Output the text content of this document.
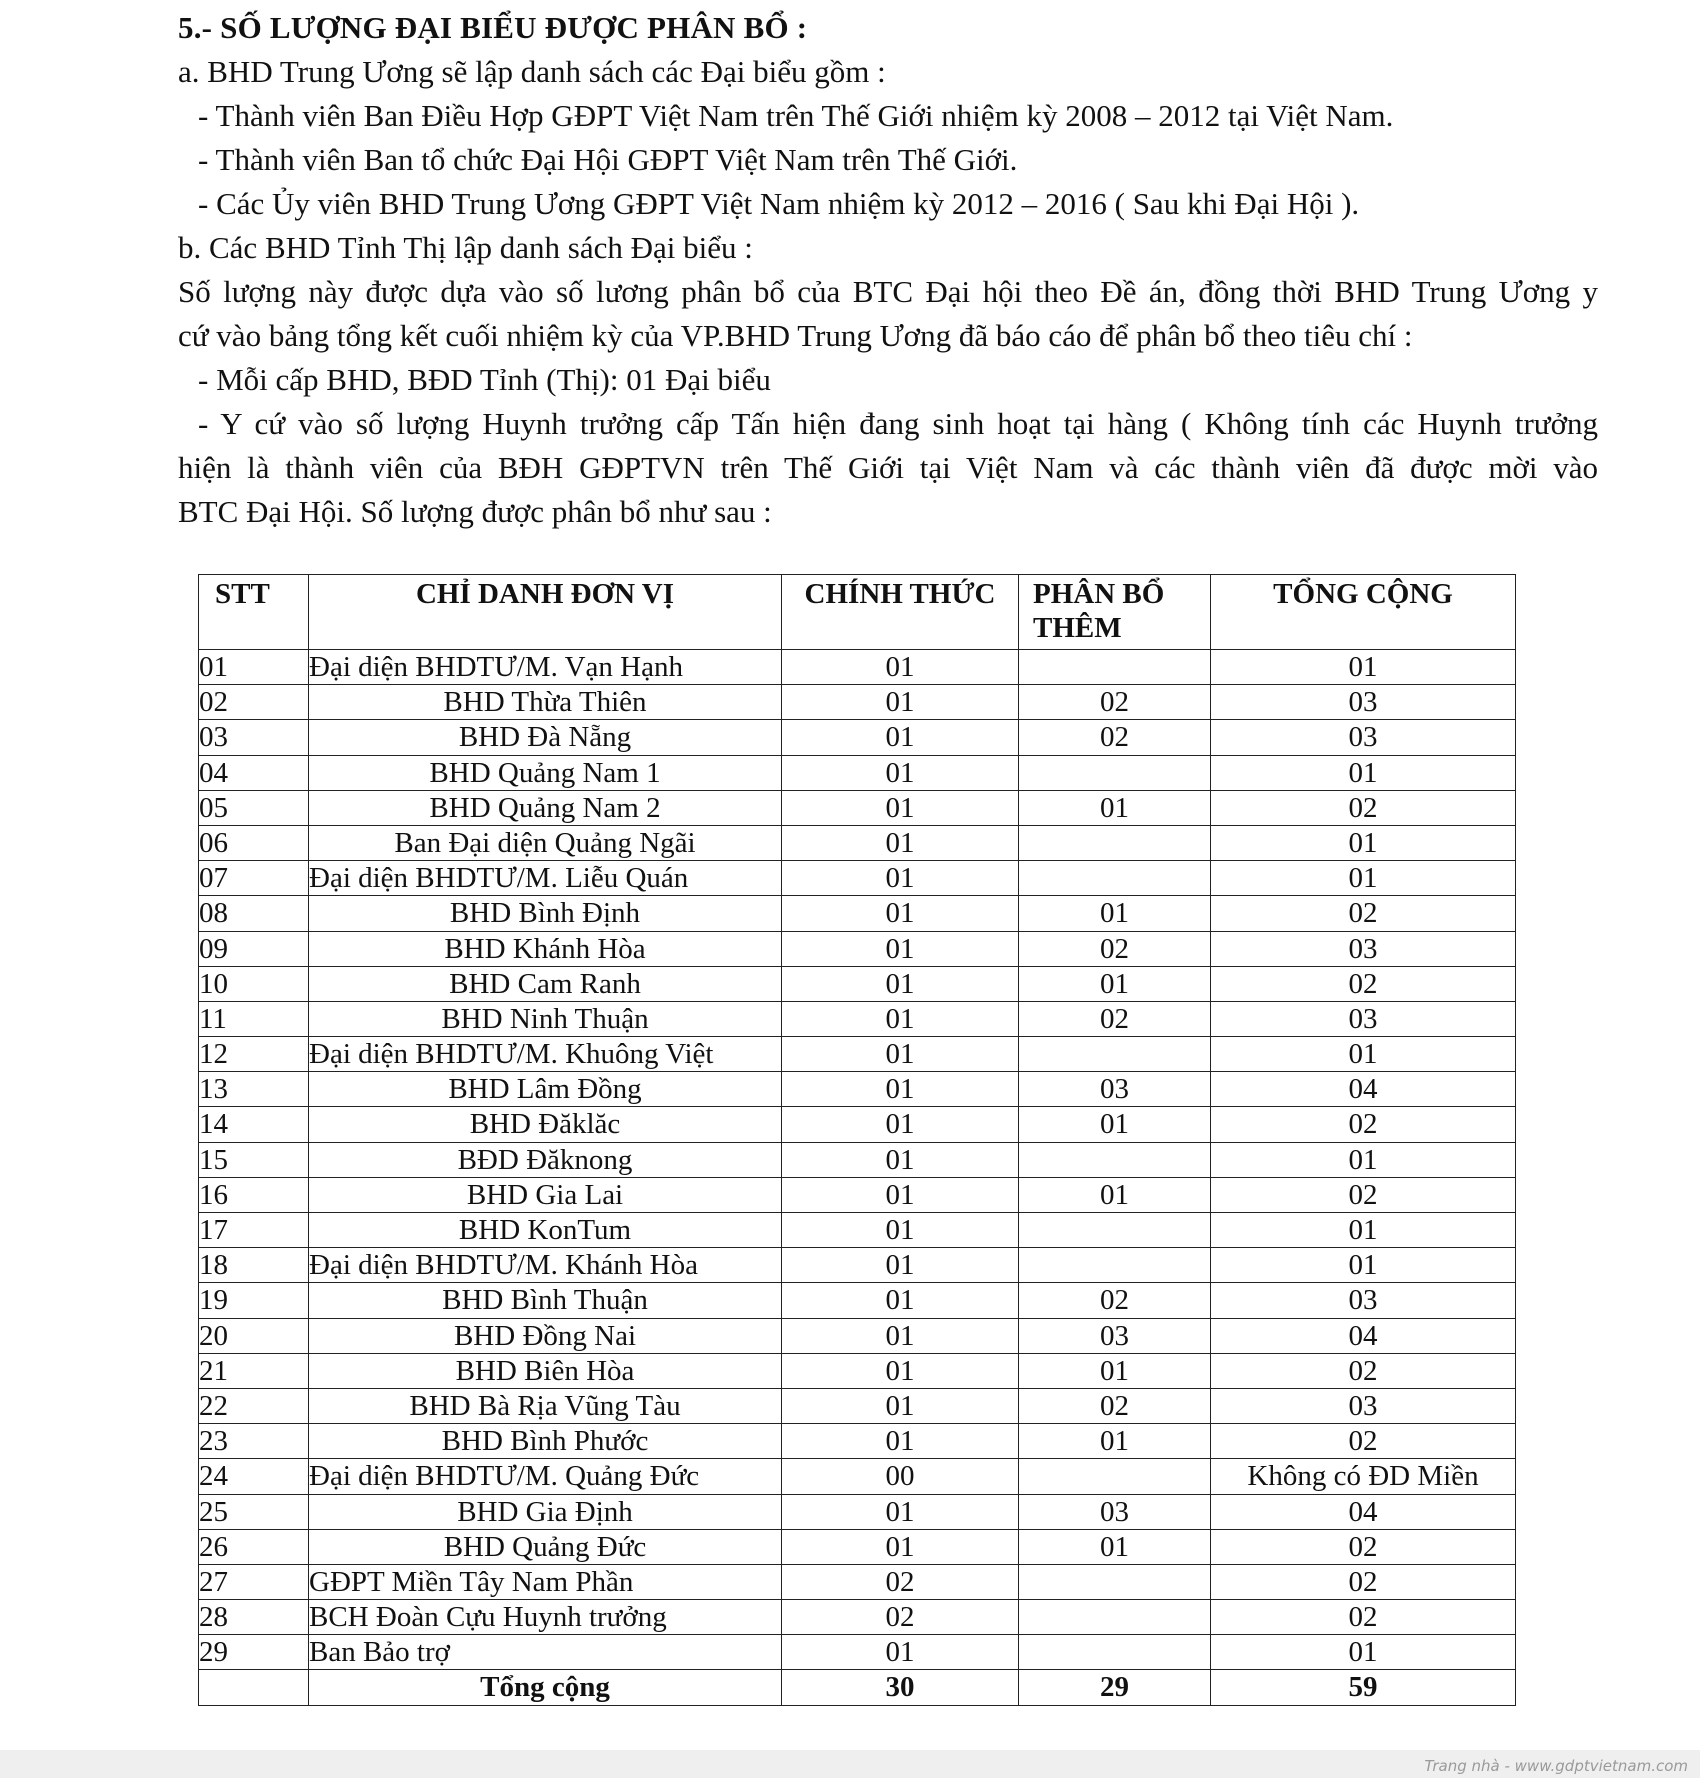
5.- SỐ LƯỢNG ĐẠI BIỂU ĐƯỢC PHÂN BỔ :
a. BHD Trung Ương sẽ lập danh sách các Đại biểu gồm :
- Thành viên Ban Điều Hợp GĐPT Việt Nam trên Thế Giới nhiệm kỳ 2008 – 2012 tại Việt Nam.
- Thành viên Ban tổ chức Đại Hội GĐPT Việt Nam trên Thế Giới.
- Các Ủy viên BHD Trung Ương GĐPT Việt Nam nhiệm kỳ 2012 – 2016 ( Sau khi Đại Hội ).
b. Các BHD Tỉnh Thị lập danh sách Đại biểu :
Số lượng này được dựa vào số lương phân bổ của BTC Đại hội theo Đề án, đồng thời BHD Trung Ương y
cứ vào bảng tổng kết cuối nhiệm kỳ của VP.BHD Trung Ương đã báo cáo để phân bổ theo tiêu chí :
- Mỗi cấp BHD, BĐD Tỉnh (Thị): 01 Đại biểu
- Y cứ vào số lượng Huynh trưởng cấp Tấn hiện đang sinh hoạt tại hàng ( Không tính các Huynh trưởng
hiện là thành viên của BĐH GĐPTVN trên Thế Giới tại Việt Nam và các thành viên đã được mời vào
BTC Đại Hội. Số lượng được phân bổ như sau :
STT	CHỈ DANH ĐƠN VỊ	CHÍNH THỨC	PHÂN BỔ THÊM	TỔNG CỘNG
01	Đại diện BHDTƯ/M. Vạn Hạnh	01		01
02	BHD Thừa Thiên	01	02	03
03	BHD Đà Nẵng	01	02	03
04	BHD Quảng Nam 1	01		01
05	BHD Quảng Nam 2	01	01	02
06	Ban Đại diện Quảng Ngãi	01		01
07	Đại diện BHDTƯ/M. Liễu Quán	01		01
08	BHD Bình Định	01	01	02
09	BHD Khánh Hòa	01	02	03
10	BHD Cam Ranh	01	01	02
11	BHD Ninh Thuận	01	02	03
12	Đại diện BHDTƯ/M. Khuông Việt	01		01
13	BHD Lâm Đồng	01	03	04
14	BHD Đăklăc	01	01	02
15	BĐD Đăknong	01		01
16	BHD Gia Lai	01	01	02
17	BHD KonTum	01		01
18	Đại diện BHDTƯ/M. Khánh Hòa	01		01
19	BHD Bình Thuận	01	02	03
20	BHD Đồng Nai	01	03	04
21	BHD Biên Hòa	01	01	02
22	BHD Bà Rịa Vũng Tàu	01	02	03
23	BHD Bình Phước	01	01	02
24	Đại diện BHDTƯ/M. Quảng Đức	00		Không có ĐD Miền
25	BHD Gia Định	01	03	04
26	BHD Quảng Đức	01	01	02
27	GĐPT Miền Tây Nam Phần	02		02
28	BCH Đoàn Cựu Huynh trưởng	02		02
29	Ban Bảo trợ	01		01
	Tổng cộng	30	29	59
Trang nhà - www.gdptvietnam.com
